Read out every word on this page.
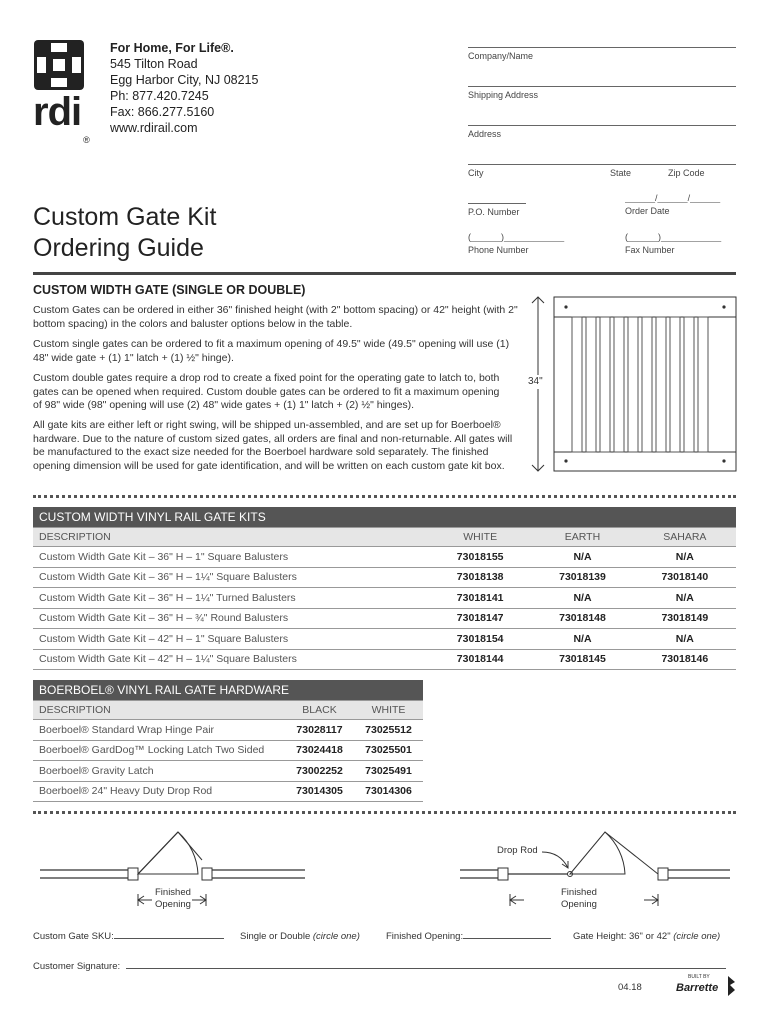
rdi®
For Home, For Life®.
545 Tilton Road
Egg Harbor City, NJ 08215
Ph: 877.420.7245
Fax: 866.277.5160
www.rdirail.com
Company/Name
Shipping Address
Address
City	State	Zip Code
P.O. Number
______/______/______
Order Date
(______)____________
Phone Number
(______)____________
Fax Number
Custom Gate Kit
Ordering Guide
CUSTOM WIDTH GATE (SINGLE OR DOUBLE)
Custom Gates can be ordered in either 36" finished height (with 2" bottom spacing) or 42" height (with 2" bottom spacing) in the colors and baluster options below in the table.
Custom single gates can be ordered to fit a maximum opening of 49.5" wide (49.5" opening will use (1) 48" wide gate + (1) 1" latch + (1) ½" hinge).
Custom double gates require a drop rod to create a fixed point for the operating gate to latch to, both gates can be opened when required. Custom double gates can be ordered to fit a maximum opening of 98" wide (98" opening will use (2) 48" wide gates + (1) 1" latch + (2) ½" hinges).
All gate kits are either left or right swing, will be shipped un-assembled, and are set up for Boerboel® hardware. Due to the nature of custom sized gates, all orders are final and non-returnable. All gates will be manufactured to the exact size needed for the Boerboel hardware sold separately. The finished opening dimension will be used for gate identification, and will be written on each custom gate kit box.
34"
CUSTOM WIDTH VINYL RAIL GATE KITS			
DESCRIPTION	WHITE	EARTH	SAHARA
Custom Width Gate Kit – 36" H – 1" Square Balusters	73018155	N/A	N/A
Custom Width Gate Kit – 36" H – 1¼" Square Balusters	73018138	73018139	73018140
Custom Width Gate Kit – 36" H – 1¼" Turned Balusters	73018141	N/A	N/A
Custom Width Gate Kit – 36" H – ¾" Round Balusters	73018147	73018148	73018149
Custom Width Gate Kit – 42" H – 1" Square Balusters	73018154	N/A	N/A
Custom Width Gate Kit – 42" H – 1¼" Square Balusters	73018144	73018145	73018146
BOERBOEL® VINYL RAIL GATE HARDWARE		
DESCRIPTION	BLACK	WHITE
Boerboel® Standard Wrap Hinge Pair	73028117	73025512
Boerboel® GardDog™ Locking Latch Two Sided	73024418	73025501
Boerboel® Gravity Latch	73002252	73025491
Boerboel® 24" Heavy Duty Drop Rod	73014305	73014306
Finished
Opening
Drop Rod
Finished
Opening
Custom Gate SKU:	Single or Double (circle one)	Finished Opening:	Gate Height: 36" or 42" (circle one)
Customer Signature:
04.18
BUILT BY
Barrette
